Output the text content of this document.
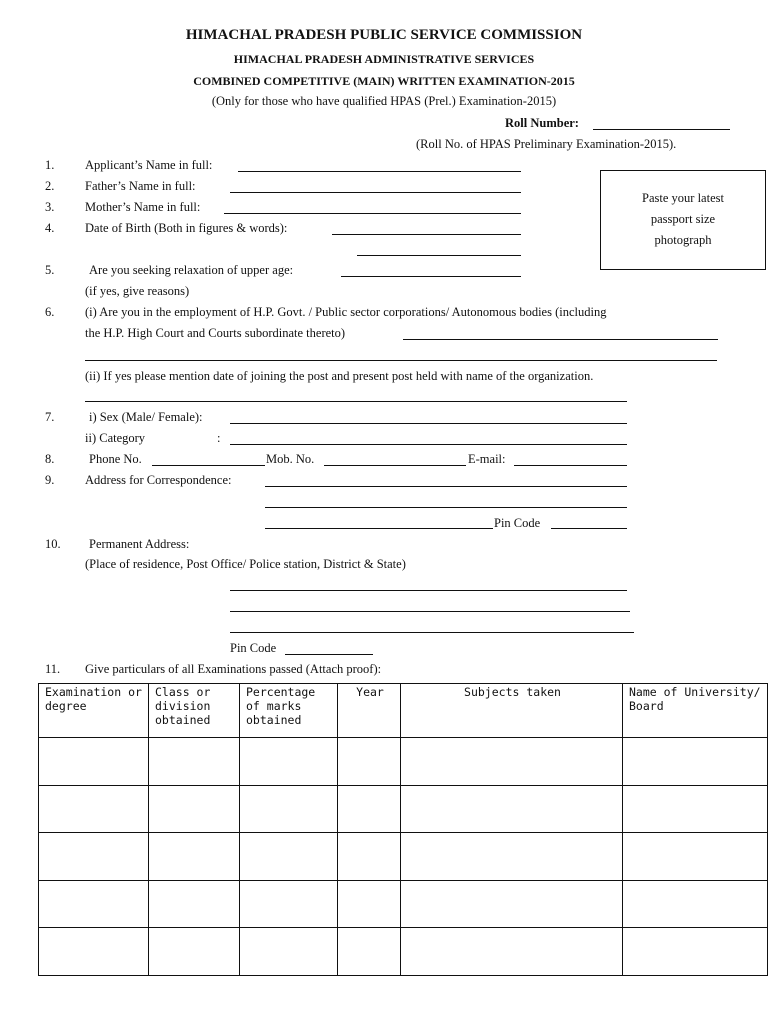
HIMACHAL PRADESH PUBLIC SERVICE COMMISSION
HIMACHAL PRADESH ADMINISTRATIVE SERVICES
COMBINED COMPETITIVE (MAIN) WRITTEN EXAMINATION-2015
(Only for those who have qualified HPAS (Prel.) Examination-2015)
Roll Number:
(Roll No. of HPAS Preliminary Examination-2015).
Paste your latest
passport size
photograph
1. Applicant’s Name in full:
2. Father’s Name in full:
3. Mother’s Name in full:
4. Date of Birth (Both in figures & words):
5.	Are you seeking relaxation of upper age:
(if yes, give reasons)
6. (i) Are you in the employment of H.P. Govt. / Public sector corporations/ Autonomous bodies (including
the H.P. High Court and Courts subordinate thereto)
(ii) If yes please mention date of joining the post and present post held with name of the organization.
7.	i) Sex (Male/ Female):
ii) Category	:
8.	Phone No.	Mob. No.	E-mail:
9. Address for Correspondence:
Pin Code
10. Permanent Address:
(Place of residence, Post Office/ Police station, District & State)
Pin Code
11. Give particulars of all Examinations passed (Attach proof):
Examination or degree	Class or division obtained	Percentage of marks obtained	Year	Subjects taken	Name of University/ Board
